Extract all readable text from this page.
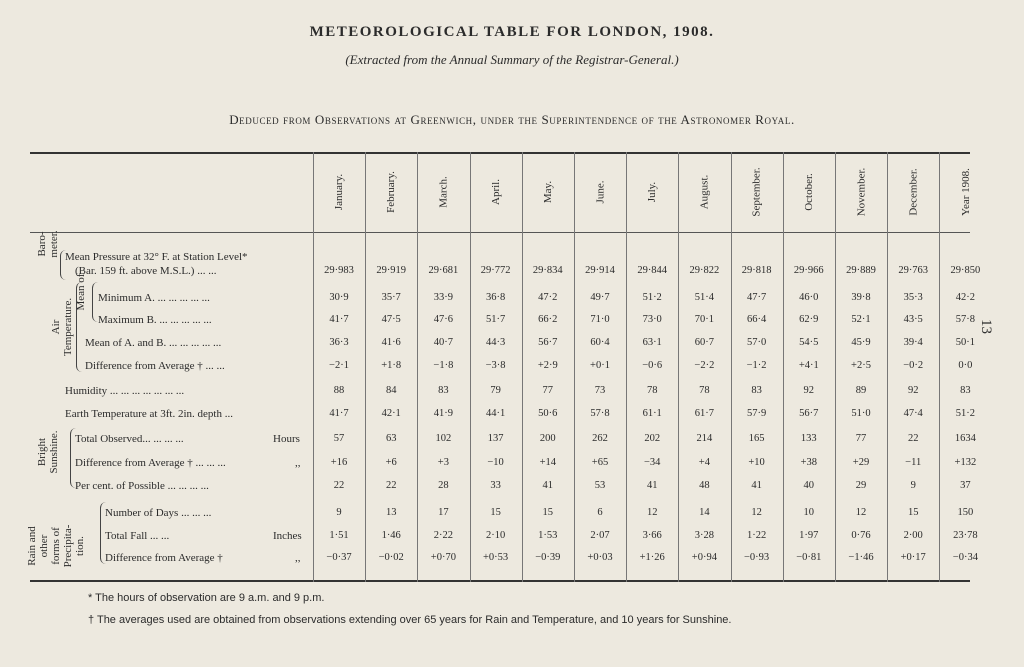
METEOROLOGICAL TABLE FOR LONDON, 1908.
(Extracted from the Annual Summary of the Registrar-General.)
Deduced from Observations at Greenwich, under the Superintendence of the Astronomer Royal.
13
January.	February.	March.	April.	May.	June.	July.	August.	September.	October.	November.	December.	Year 1908.
Mean Pressure at 32° F. at Station Level*
(Bar. 159 ft. above M.S.L.) ... ...	29·983	29·919	29·681	29·772	29·834	29·914	29·844	29·822	29·818	29·966	29·889	29·763	29·850
Minimum A. ... ... ... ... ...	30·9	35·7	33·9	36·8	47·2	49·7	51·2	51·4	47·7	46·0	39·8	35·3	42·2
Maximum B. ... ... ... ... ...	41·7	47·5	47·6	51·7	66·2	71·0	73·0	70·1	66·4	62·9	52·1	43·5	57·8
Mean of A. and B. ... ... ... ... ...	36·3	41·6	40·7	44·3	56·7	60·4	63·1	60·7	57·0	54·5	45·9	39·4	50·1
Difference from Average † ... ...	−2·1	+1·8	−1·8	−3·8	+2·9	+0·1	−0·6	−2·2	−1·2	+4·1	+2·5	−0·2	0·0
Humidity ... ... ... ... ... ... ...	88	84	83	79	77	73	78	78	83	92	89	92	83
Earth Temperature at 3ft. 2in. depth ...	41·7	42·1	41·9	44·1	50·6	57·8	61·1	61·7	57·9	56·7	51·0	47·4	51·2
Total Observed... ... ... ...	Hours	57	63	102	137	200	262	202	214	165	133	77	22	1634
Difference from Average † ... ... ...	,,	+16	+6	+3	−10	+14	+65	−34	+4	+10	+38	+29	−11	+132
Per cent. of Possible ... ... ... ...	22	22	28	33	41	53	41	48	41	40	29	9	37
Number of Days ... ... ...	9	13	17	15	15	6	12	14	12	10	12	15	150
Total Fall ... ...	Inches	1·51	1·46	2·22	2·10	1·53	2·07	3·66	3·28	1·22	1·97	0·76	2·00	23·78
Difference from Average †	,,	−0·37	−0·02	+0·70	+0·53	−0·39	+0·03	+1·26	+0·94	−0·93	−0·81	−1·46	+0·17	−0·34
Baro-
meter.
Air
Temperature.
Mean of
Bright
Sunshine.
Rain and
other
forms of
Precipita-
tion.
* The hours of observation are 9 a.m. and 9 p.m.
† The averages used are obtained from observations extending over 65 years for Rain and Temperature, and 10 years for Sunshine.
